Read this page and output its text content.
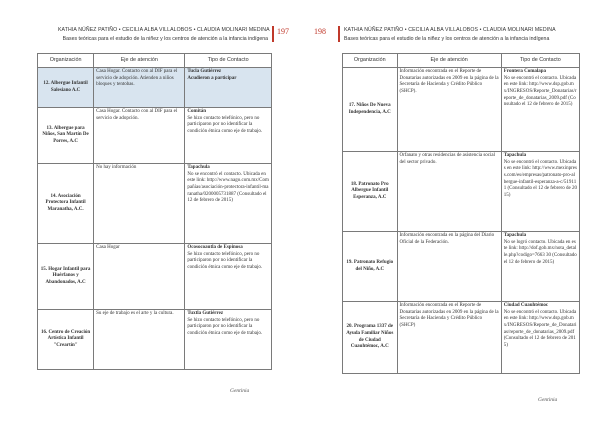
KATHIA NÚÑEZ PATIÑO • CECILIA ALBA VILLALOBOS • CLAUDIA MOLINARI MEDINA
Bases teóricas para el estudio de la niñez y los centros de atención a la infancia indígena
197
Organización	Eje de atención	Tipo de Contacto
12. Albergue Infantil Salesiano A.C	Casa Hogar. Contacto con al DIF para el servicio de adopción. Atienden a niños bloques y tentobas.	Tucla Gutiérrez
Acudieron a participar

13. Albergue para Niños, San Martín De Porres, A.C	Casa Hogar. Contacto con al DIF para el servicio de adopción.	Comitán
Se hizo contacto telefónico, pero no participaron por no identificar la condición étnica como eje de trabajo.
14. Asociación Protectora Infantil Maranatha, A.C.	No hay información	Tapachula
No se encontró el contacto. Ubicada en este link: http://www.nago.com.mx/Compañías/asociación-protectora-infantil-maranatha/0200005731887 (Consultado el 12 de febrero de 2015)
15. Hogar Infantil para Huérfanos y Abandonados, A.C	Casa Hogar	Ocosocoautla de Espinosa
Se hizo contacto telefónico, pero no participaron por no identificar la condición étnica como eje de trabajo.
16. Centro de Creación Artística Infantil "Creartín"	Su eje de trabajo es el arte y la cultura.	Tuxtla Gutiérrez
Se hizo contacto telefónico, pero no participaron por no identificar la condición étnica como eje de trabajo.
Gentinia
198	KATHIA NÚÑEZ PATIÑO • CECILIA ALBA VILLALOBOS • CLAUDIA MOLINARI MEDINA
Bases teóricas para el estudio de la niñez y los centros de atención a la infancia indígena
Organización	Eje de atención	Tipo de Contacto
17. Niños De Nueva Independencia, A.C	Información encontrada en el Reporte de Donatarias autorizadas en 2009 en la página de la Secretaría de Hacienda y Crédito Público (SHCP).	Frontera Comalapa
No se encontró el contacto. Ubicada en este link: http://www.dsp.gob.mx/INGRESOS/Reporte_Donatarias/reporte_de_donatarias_2009.pdf (Consultado el 12 de febrero de 2015)
18. Patronato Pro Albergue Infantil Esperanza, A.C	Orfanato y otras residencias de asistencia social del sector privado.	Tapachula
No se encontró el contacto. Ubicadas en este link: http://www.mexinpress.com/es/empresas/patronato-pro-albergue-infantil-esperanza-a-c/519111 (Consultado el 12 de febrero de 2015)
19. Patronato Refugio del Niño, A.C	Información encontrada en la página del Diario Oficial de la Federación.	Tapachula
No se logró contacto. Ubicada en este link: http://dof.gob.mx/nota_detalle.php?codigo=7663 30 (Consultado el 12 de febrero de 2015)
20. Programa 1337 de Ayuda Familiar Niños de Ciudad Cuauhtémoc, A.C	Información encontrada en el Reporte de Donatarias autorizadas en 2009 en la página de la Secretaría de Hacienda y Crédito Público (SHCP)	Ciudad Cuauhtémoc
No se encontró el contacto. Ubicada en este link: http://www.dsp.gob.mx/INGRESOS/Reporte_de_Donatarias/reporte_de_donatarias_2009.pdf (Consultado el 12 de febrero de 2015)
Gentinia
